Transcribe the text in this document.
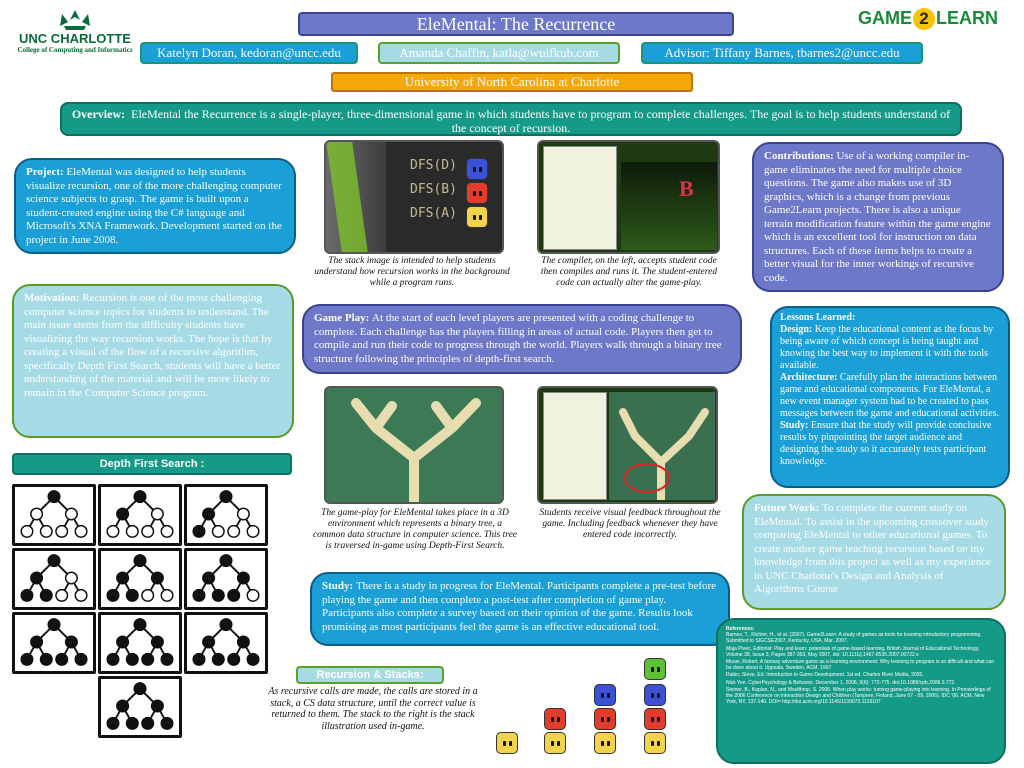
UNC CHARLOTTE
College of Computing and Informatics
EleMental: The Recurrence	GAME 2 LEARN
Katelyn Doran, kedoran@uncc.edu	Amanda Chaffin, katla@wulfkub.com	Advisor: Tiffany Barnes, tbarnes2@uncc.edu
University of North Carolina at Charlotte
Overview: EleMental the Recurrence is a single-player, three-dimensional game in which students have to program to complete challenges. The goal is to help students understand of the concept of recursion.
Project: EleMental was designed to help students visualize recursion, one of the more challenging computer science subjects to grasp. The game is built upon a student-created engine using the C# language and Microsoft's XNA Framework. Development started on the project in June 2008.
Motivation: Recursion is one of the most challenging computer science topics for students to understand. The main issue stems from the difficulty students have visualizing the way recursion works. The hope is that by creating a visual of the flow of a recursive algorithm, specifically Depth First Search, students will have a better understanding of the material and will be more likely to remain in the Computer Science program.
Depth First Search :
DFS(D)
DFS(B)
DFS(A)
The stack image is intended to help students understand how recursion works in the background while a program runs.
B
The compiler, on the left, accepts student code then compiles and runs it. The student-entered code can actually alter the game-play.
Game Play: At the start of each level players are presented with a coding challenge to complete. Each challenge has the players filling in areas of actual code. Players then get to compile and run their code to progress through the world. Players walk through a binary tree structure following the principles of depth-first search.
The game-play for EleMental takes place in a 3D environment which represents a binary tree, a common data structure in computer science. This tree is traversed in-game using Depth-First Search.
Students receive visual feedback throughout the game. Including feedback whenever they have entered code incorrectly.
Study: There is a study in progress for EleMental. Participants complete a pre-test before playing the game and then complete a post-test after completion of game play. Participants also complete a survey based on their opinion of the game. Results look promising as most participants feel the game is an effective educational tool.
Recursion & Stacks:
As recursive calls are made, the calls are stored in a stack, a CS data structure, until the correct value is returned to them. The stack to the right is the stack illustration used in-game.
Contributions: Use of a working compiler in-game eliminates the need for multiple choice questions. The game also makes use of 3D graphics, which is a change from previous Game2Learn projects. There is also a unique terrain modification feature within the game engine which is an excellent tool for instruction on data structures. Each of these items helps to create a better visual for the inner workings of recursive code.
Lessons Learned:
Design: Keep the educational content as the focus by being aware of which concept is being taught and knowing the best way to implement it with the tools available.
Architecture: Carefully plan the interactions between game and educational components. For EleMental, a new event manager system had to be created to pass messages between the game and educational activities.
Study: Ensure that the study will provide conclusive results by pinpointing the target audience and designing the study so it accurately tests participant knowledge.
Future Work: To complete the current study on EleMental. To assist in the upcoming crossover study comparing EleMental to other educational games. To create another game teaching recursion based on my knowledge from this project as well as my experience in UNC Charlotte's Design and Analysis of Algorithms Course
References:
Barnes, T., Richter, H., et al. (2007). Game2Learn: A study of games as tools for learning introductory programming. Submitted to SIGCSE2007, Kentucky, USA, Mar. 2007.
Maja Pivec, Editorial: Play and learn: potentials of game-based learning, British Journal of Educational Technology, Volume 38, Issue 3, Pages 387-393, May 2007, doi: 10.1111/j.1467-8535.2007.00722.x
Moser, Robert. A fantasy adventure game as a learning environment: Why learning to program is so difficult and what can be done about it. Uppsala, Sweden. ACM, 1997.
Rabin, Steve, Ed. Introduction to Game Development. 1st ed. Charles River Media, 2005.
Nick Yee. CyberPsychology & Behavior. December 1, 2006, 9(6): 772-775. doi:10.1089/cpb.2006.9.772.
Steiner, B., Kaplan, N., and Moulthrop, S. 2006. When play works: turning game-playing into learning. In Proceedings of the 2006 Conference on interaction Design and Children (Tampere, Finland, June 07 - 09, 2006). IDC '06. ACM, New York, NY, 137-140. DOI= http://doi.acm.org/10.1145/1139073.1139107
